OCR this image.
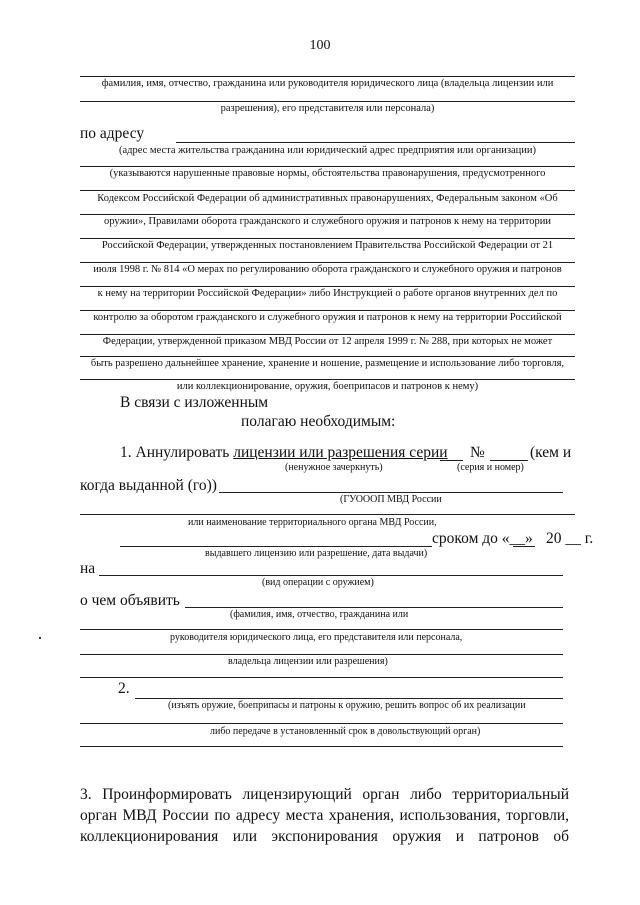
100
фамилия, имя, отчество, гражданина или руководителя юридического лица (владельца лицензии или
разрешения), его представителя или персонала)
по адресу
(адрес места жительства гражданина или юридический адрес предприятия или организации)
(указываются нарушенные правовые нормы, обстоятельства правонарушения, предусмотренного
Кодексом Российской Федерации об административных правонарушениях, Федеральным законом «Об
оружии», Правилами оборота гражданского и служебного оружия и патронов к нему на территории
Российской Федерации, утвержденных постановлением Правительства Российской Федерации от 21
июля 1998 г. № 814 «О мерах по регулированию оборота гражданского и служебного оружия и патронов
к нему на территории Российской Федерации» либо Инструкцией о работе органов внутренних дел по
контролю за оборотом гражданского и служебного оружия и патронов к нему на территории Российской
Федерации, утвержденной приказом МВД России от 12 апреля 1999 г. № 288, при которых не может
быть разрешено дальнейшее хранение, хранение и ношение, размещение и использование либо торговля,
или коллекционирование, оружия, боеприпасов и патронов к нему)
В связи с изложенным
полагаю необходимым:
1. Аннулировать лицензии или разрешения серии №	(кем и
(ненужное зачеркнуть)	(серия и номер)
когда выданной (го))
(ГУОООП МВД России
или наименование территориального органа МВД России,
сроком до «__» 20 __ г.
выдавшего лицензию или разрешение, дата выдачи)
на
(вид операции с оружием)
о чем объявить
(фамилия, имя, отчество, гражданина или
руководителя юридического лица, его представителя или персонала,
владельца лицензии или разрешения)
2.
(изъять оружие, боеприпасы и патроны к оружию, решить вопрос об их реализации
либо передаче в установленный срок в довольствующий орган)
3. Проинформировать лицензирующий орган либо территориальный
орган МВД России по адресу места хранения, использования, торговли,
коллекционирования или экспонирования оружия и патронов об
